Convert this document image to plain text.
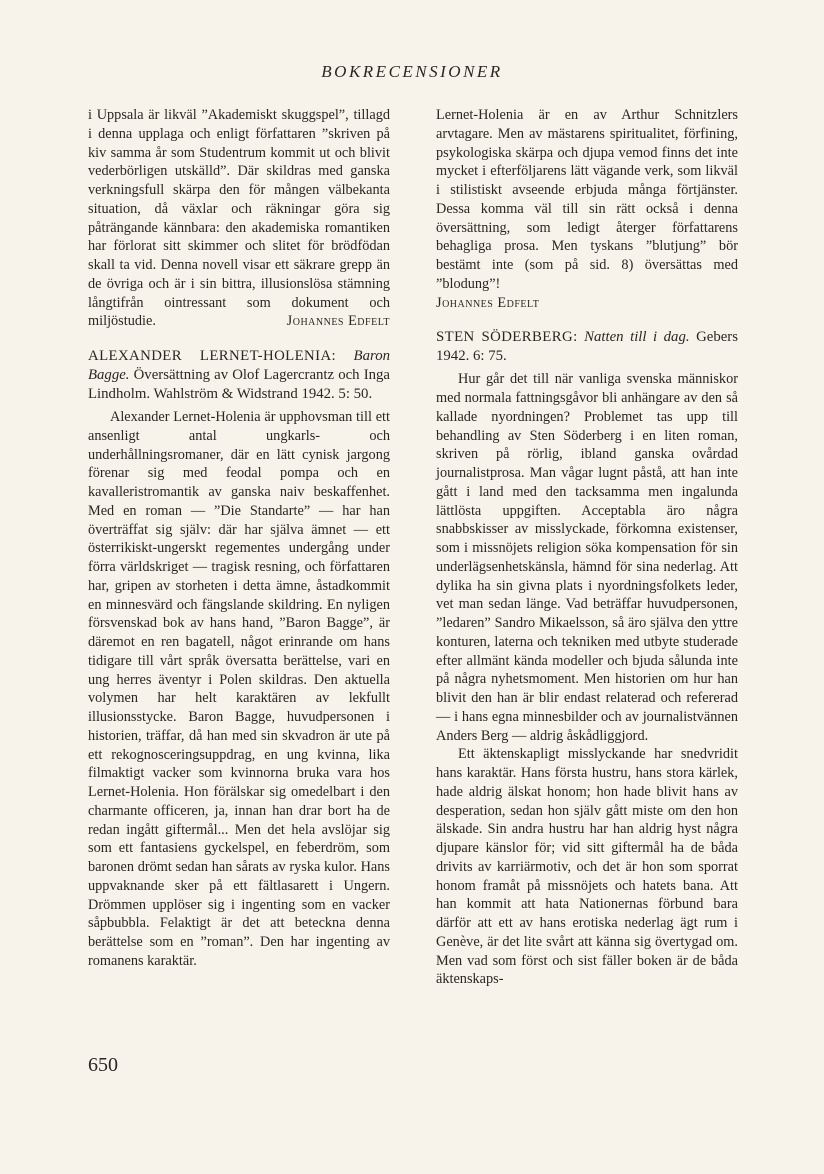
BOKRECENSIONER

i Uppsala är likväl ”Akademiskt skuggspel”, tillagd i denna upplaga och enligt författaren ”skriven på kiv samma år som Studentrum kommit ut och blivit vederbörligen utskälld”. Där skildras med ganska verkningsfull skärpa den för mången välbekanta situation, då växlar och räkningar göra sig påträngande kännbara: den akademiska romantiken har förlorat sitt skimmer och slitet för brödfödan skall ta vid. Denna novell visar ett säkrare grepp än de övriga och är i sin bittra, illusionslösa stämning långtifrån ointressant som dokument och miljöstudie.	Johannes Edfelt

ALEXANDER LERNET-HOLENIA: Baron Bagge. Översättning av Olof Lagercrantz och Inga Lindholm. Wahlström & Widstrand 1942. 5: 50.

Alexander Lernet-Holenia är upphovsman till ett ansenligt antal ungkarls- och underhållningsromaner, där en lätt cynisk jargong förenar sig med feodal pompa och en kavalleristromantik av ganska naiv beskaffenhet. Med en roman — ”Die Standarte” — har han överträffat sig själv: där har själva ämnet — ett österrikiskt-ungerskt regementes undergång under förra världskriget — tragisk resning, och författaren har, gripen av storheten i detta ämne, åstadkommit en minnesvärd och fängslande skildring. En nyligen försvenskad bok av hans hand, ”Baron Bagge”, är däremot en ren bagatell, något erinrande om hans tidigare till vårt språk översatta berättelse, vari en ung herres äventyr i Polen skildras. Den aktuella volymen har helt karaktären av lekfullt illusionsstycke. Baron Bagge, huvudpersonen i historien, träffar, då han med sin skvadron är ute på ett rekognosceringsuppdrag, en ung kvinna, lika filmaktigt vacker som kvinnorna bruka vara hos Lernet-Holenia. Hon förälskar sig omedelbart i den charmante officeren, ja, innan han drar bort ha de redan ingått giftermål... Men det hela avslöjar sig som ett fantasiens gyckelspel, en feberdröm, som baronen drömt sedan han sårats av ryska kulor. Hans uppvaknande sker på ett fältlasarett i Ungern. Drömmen upplöser sig i ingenting som en vacker såpbubbla. Felaktigt är det att beteckna denna berättelse som en ”roman”. Den har ingenting av romanens karaktär.

Lernet-Holenia är en av Arthur Schnitzlers arvtagare. Men av mästarens spiritualitet, förfining, psykologiska skärpa och djupa vemod finns det inte mycket i efterföljarens lätt vägande verk, som likväl i stilistiskt avseende erbjuda många förtjänster. Dessa komma väl till sin rätt också i denna översättning, som ledigt återger författarens behagliga prosa. Men tyskans ”blutjung” bör bestämt inte (som på sid. 8) översättas med ”blodung”!

Johannes Edfelt

STEN SÖDERBERG: Natten till i dag. Gebers 1942. 6: 75.

Hur går det till när vanliga svenska människor med normala fattningsgåvor bli anhängare av den så kallade nyordningen? Problemet tas upp till behandling av Sten Söderberg i en liten roman, skriven på rörlig, ibland ganska ovårdad journalistprosa. Man vågar lugnt påstå, att han inte gått i land med den tacksamma men ingalunda lättlösta uppgiften. Acceptabla äro några snabbskisser av misslyckade, förkomna existenser, som i missnöjets religion söka kompensation för sin underlägsenhetskänsla, hämnd för sina nederlag. Att dylika ha sin givna plats i nyordningsfolkets leder, vet man sedan länge. Vad beträffar huvudpersonen, ”ledaren” Sandro Mikaelsson, så äro själva den yttre konturen, laterna och tekniken med utbyte studerade efter allmänt kända modeller och bjuda sålunda inte på några nyhetsmoment. Men historien om hur han blivit den han är blir endast relaterad och refererad — i hans egna minnesbilder och av journalistvännen Anders Berg — aldrig åskådliggjord.

Ett äktenskapligt misslyckande har snedvridit hans karaktär. Hans första hustru, hans stora kärlek, hade aldrig älskat honom; hon hade blivit hans av desperation, sedan hon själv gått miste om den hon älskade. Sin andra hustru har han aldrig hyst några djupare känslor för; vid sitt giftermål ha de båda drivits av karriärmotiv, och det är hon som sporrat honom framåt på missnöjets och hatets bana. Att han kommit att hata Nationernas förbund bara därför att ett av hans erotiska nederlag ägt rum i Genève, är det lite svårt att känna sig övertygad om. Men vad som först och sist fäller boken är de båda äktenskaps-

650
